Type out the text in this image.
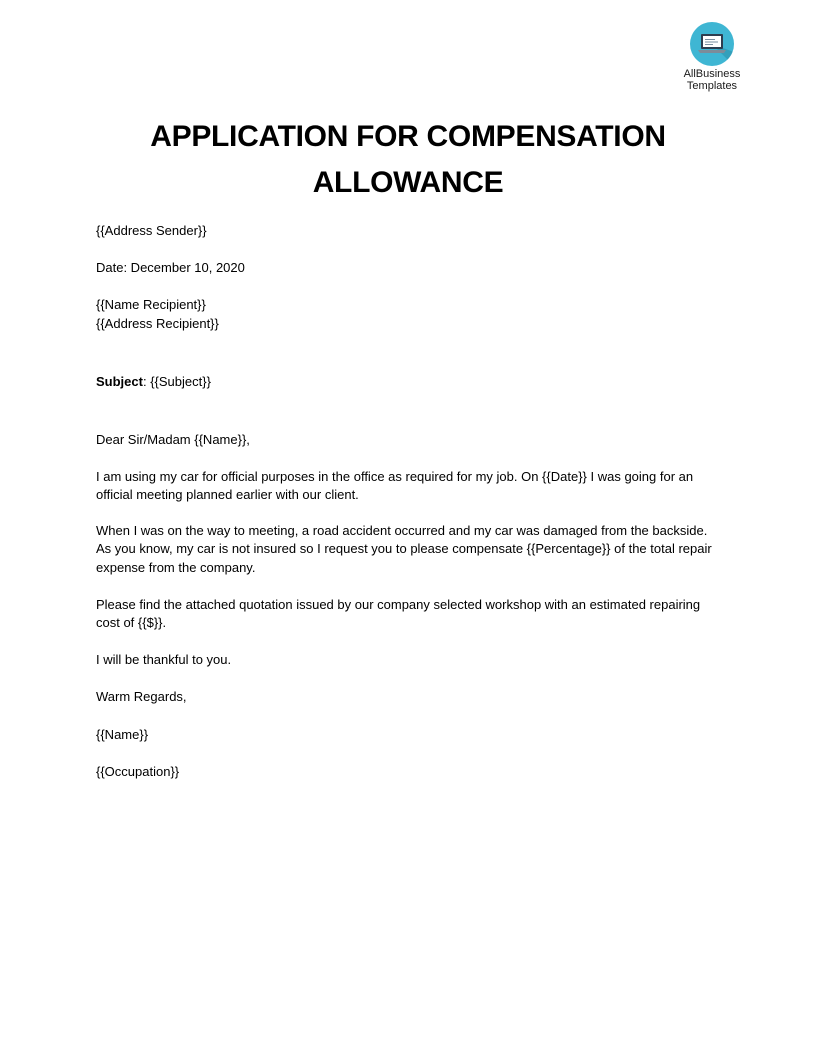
AllBusiness
Templates
APPLICATION FOR COMPENSATION
ALLOWANCE

{{Address Sender}}

Date: December 10, 2020

{{Name Recipient}}

{{Address Recipient}}

Subject: {{Subject}}

Dear Sir/Madam {{Name}},

I am using my car for official purposes in the office as required for my job. On {{Date}} I was going for an official meeting planned earlier with our client.

When I was on the way to meeting, a road accident occurred and my car was damaged from the backside. As you know, my car is not insured so I request you to please compensate {{Percentage}} of the total repair expense from the company.

Please find the attached quotation issued by our company selected workshop with an estimated repairing cost of {{$}}.

I will be thankful to you.

Warm Regards,

{{Name}}

{{Occupation}}
